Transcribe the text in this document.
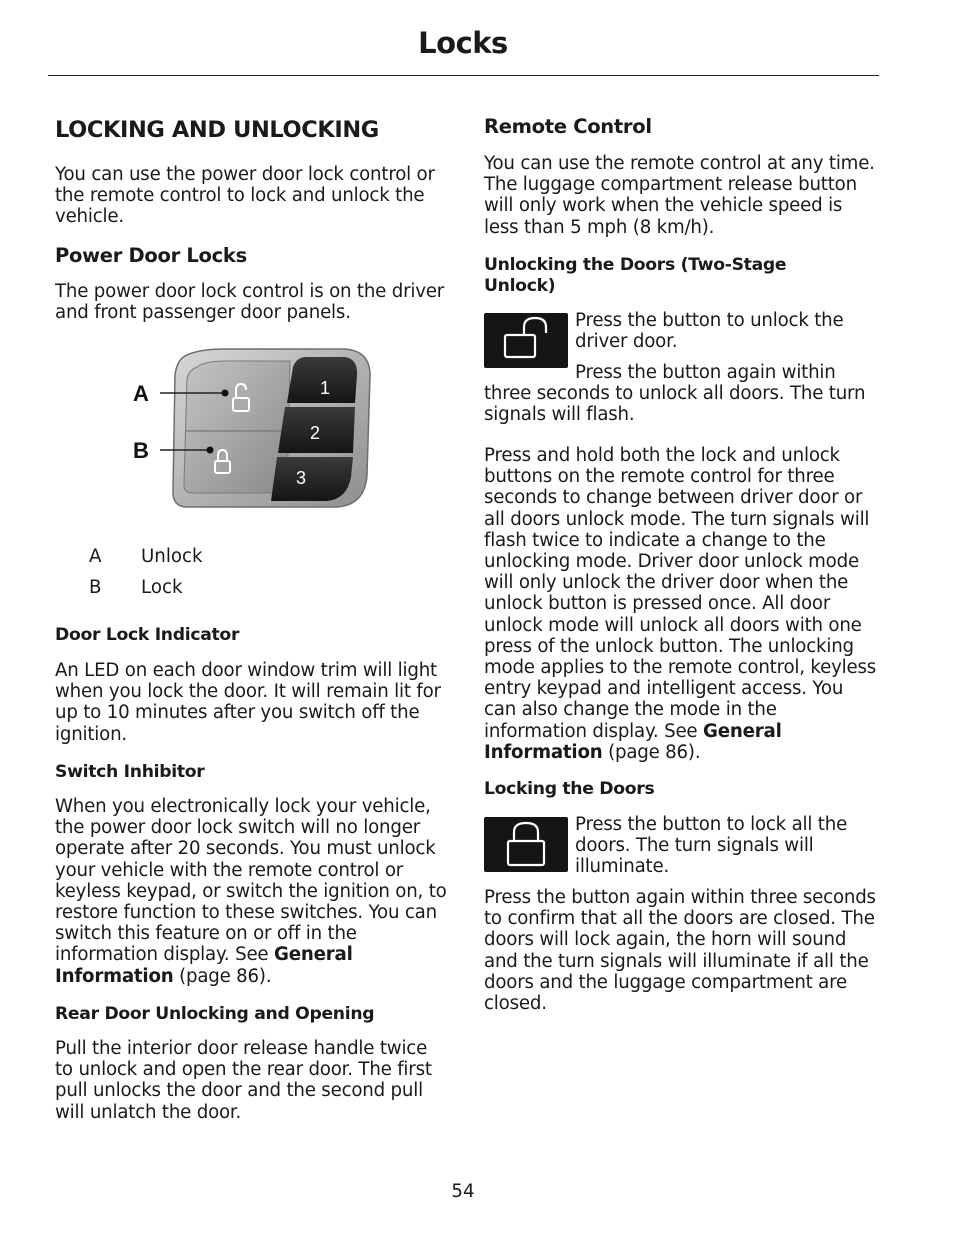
Locks
LOCKING AND UNLOCKING

You can use the power door lock control or the remote control to lock and unlock the vehicle.

Power Door Locks

The power door lock control is on the driver and front passenger door panels.

A
B
1
2
3
A Unlock
B Lock
Door Lock Indicator

An LED on each door window trim will light when you lock the door. It will remain lit for up to 10 minutes after you switch off the ignition.

Switch Inhibitor

When you electronically lock your vehicle, the power door lock switch will no longer operate after 20 seconds. You must unlock your vehicle with the remote control or keyless keypad, or switch the ignition on, to restore function to these switches. You can switch this feature on or off in the information display. See General Information (page 86).

Rear Door Unlocking and Opening

Pull the interior door release handle twice to unlock and open the rear door. The first pull unlocks the door and the second pull will unlatch the door.

Remote Control

You can use the remote control at any time. The luggage compartment release button will only work when the vehicle speed is less than 5 mph (8 km/h).

Unlocking the Doors (Two-Stage Unlock)

Press the button to unlock the driver door.

Press the button again within three seconds to unlock all doors. The turn signals will flash.

Press and hold both the lock and unlock buttons on the remote control for three seconds to change between driver door or all doors unlock mode. The turn signals will flash twice to indicate a change to the unlocking mode. Driver door unlock mode will only unlock the driver door when the unlock button is pressed once. All door unlock mode will unlock all doors with one press of the unlock button. The unlocking mode applies to the remote control, keyless entry keypad and intelligent access. You can also change the mode in the information display. See General Information (page 86).

Locking the Doors

Press the button to lock all the doors. The turn signals will illuminate.

Press the button again within three seconds to confirm that all the doors are closed. The doors will lock again, the horn will sound and the turn signals will illuminate if all the doors and the luggage compartment are closed.

54
